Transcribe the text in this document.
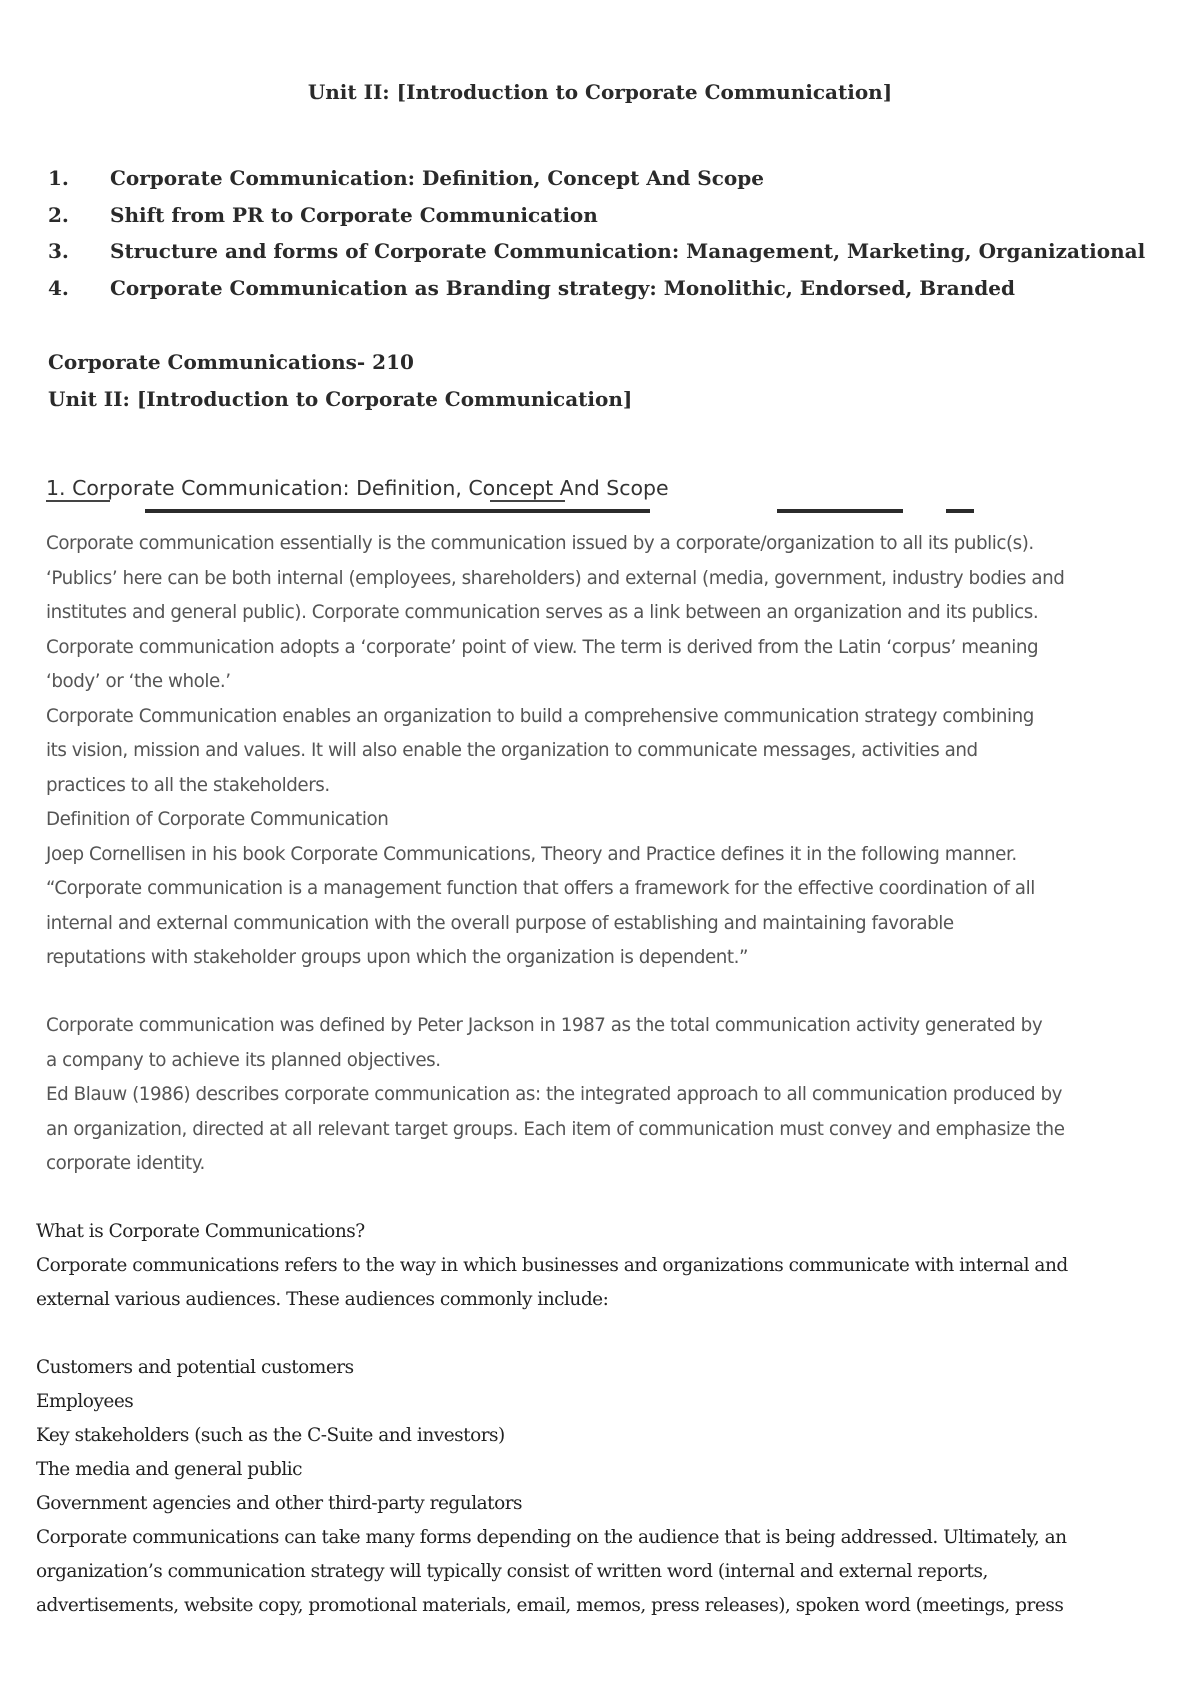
Unit II: [Introduction to Corporate Communication]
1.	Corporate Communication: Definition, Concept And Scope
2.	Shift from PR to Corporate Communication
3.	Structure and forms of Corporate Communication: Management, Marketing, Organizational
4.	Corporate Communication as Branding strategy: Monolithic, Endorsed, Branded
Corporate Communications- 210
Unit II: [Introduction to Corporate Communication]
1. Corporate Communication: Definition, Concept And Scope

Corporate communication essentially is the communication issued by a corporate/organization to all its public(s).

‘Publics’ here can be both internal (employees, shareholders) and external (media, government, industry bodies and

institutes and general public). Corporate communication serves as a link between an organization and its publics.

Corporate communication adopts a ‘corporate’ point of view. The term is derived from the Latin ‘corpus’ meaning

‘body’ or ‘the whole.’

Corporate Communication enables an organization to build a comprehensive communication strategy combining

its vision, mission and values. It will also enable the organization to communicate messages, activities and

practices to all the stakeholders.

Definition of Corporate Communication

Joep Cornellisen in his book Corporate Communications, Theory and Practice defines it in the following manner.

“Corporate communication is a management function that offers a framework for the effective coordination of all

internal and external communication with the overall purpose of establishing and maintaining favorable

reputations with stakeholder groups upon which the organization is dependent.”

Corporate communication was defined by Peter Jackson in 1987 as the total communication activity generated by

a company to achieve its planned objectives.

Ed Blauw (1986) describes corporate communication as: the integrated approach to all communication produced by

an organization, directed at all relevant target groups. Each item of communication must convey and emphasize the

corporate identity.

What is Corporate Communications?

Corporate communications refers to the way in which businesses and organizations communicate with internal and

external various audiences. These audiences commonly include:

Customers and potential customers

Employees

Key stakeholders (such as the C-Suite and investors)

The media and general public

Government agencies and other third-party regulators

Corporate communications can take many forms depending on the audience that is being addressed. Ultimately, an

organization’s communication strategy will typically consist of written word (internal and external reports,

advertisements, website copy, promotional materials, email, memos, press releases), spoken word (meetings, press
